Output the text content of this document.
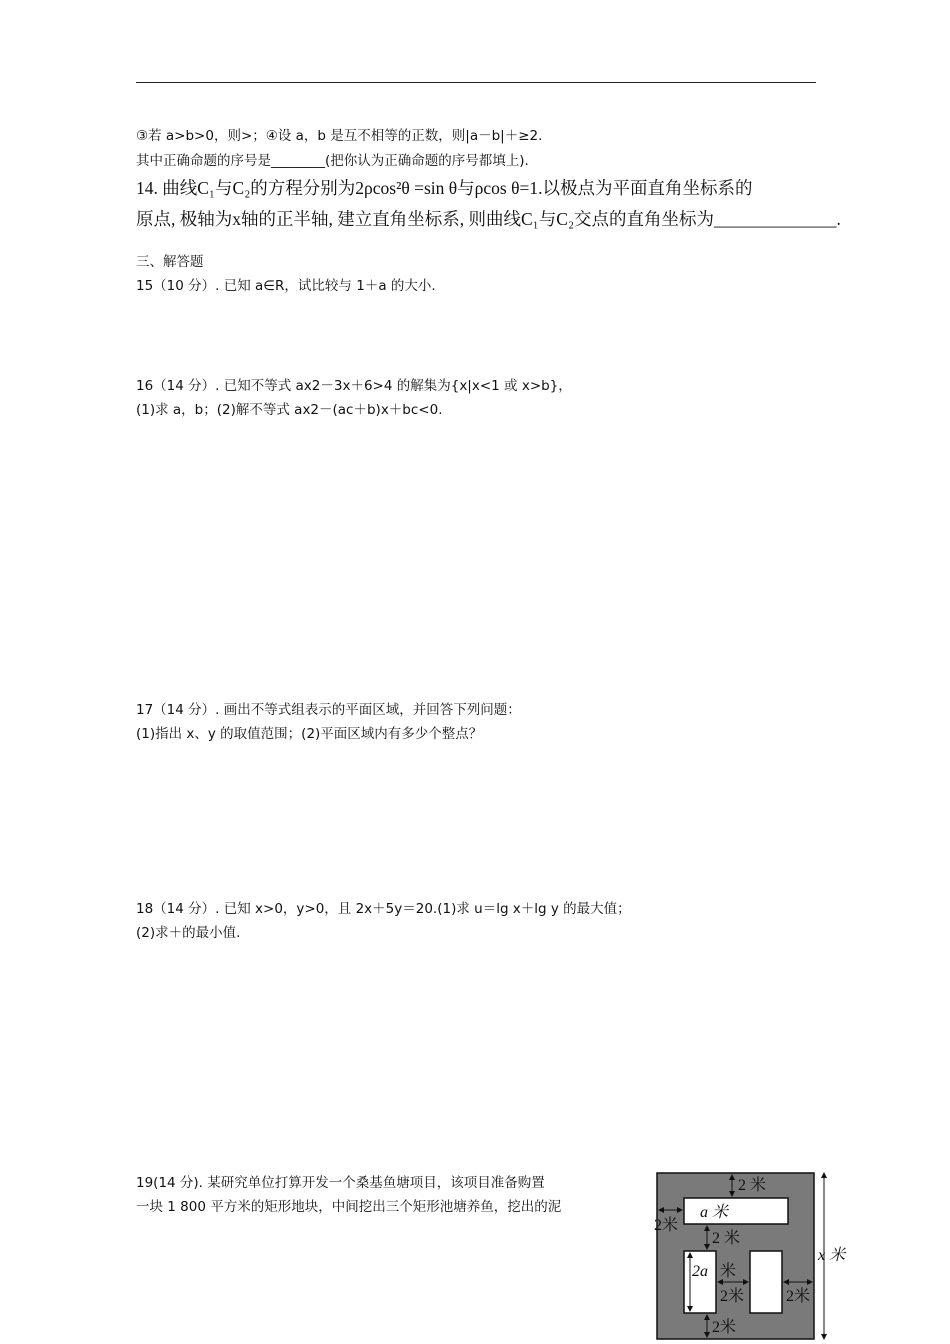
③若 a>b>0，则>；④设 a，b 是互不相等的正数，则|a－b|＋≥2.
其中正确命题的序号是________(把你认为正确命题的序号都填上).
14. 曲线C₁与C₂的方程分别为2ρcos²θ =sin θ与ρcos θ=1.以极点为平面直角坐标系的
原点, 极轴为x轴的正半轴, 建立直角坐标系, 则曲线C₁与C₂交点的直角坐标为______________.
三、解答题
15（10 分）. 已知 a∈R，试比较与 1＋a 的大小.
16（14 分）. 已知不等式 ax2－3x＋6>4 的解集为{x|x<1 或 x>b}，
(1)求 a，b；(2)解不等式 ax2－(ac＋b)x＋bc<0.
17（14 分）. 画出不等式组表示的平面区域，并回答下列问题：
(1)指出 x、y 的取值范围；(2)平面区域内有多少个整点？
18（14 分）. 已知 x>0，y>0，且 2x＋5y＝20.(1)求 u＝lg x＋lg y 的最大值；
(2)求＋的最小值.
19(14 分). 某研究单位打算开发一个桑基鱼塘项目，该项目准备购置
一块 1 800 平方米的矩形地块，中间挖出三个矩形池塘养鱼，挖出的泥
2 米
a 米
2米
2 米
2a 米
2米	2米
2米
x 米
